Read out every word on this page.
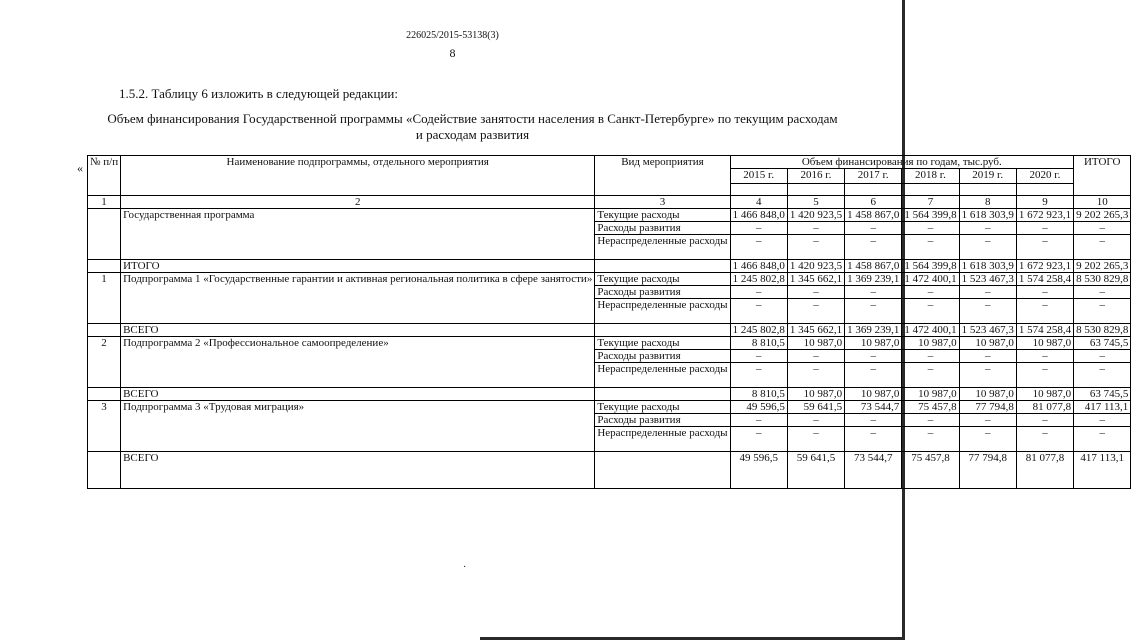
226025/2015-53138(3)
8
1.5.2. Таблицу 6 изложить в следующей редакции:
Объем финансирования Государственной программы «Содействие занятости населения в Санкт-Петербурге» по текущим расходам
и расходам развития
«
·
№ п/п	Наименование подпрограммы, отдельного мероприятия	Вид мероприятия	Объем финансирования по годам, тыс.руб.						ИТОГО
			2015 г.	2016 г.	2017 г.	2018 г.	2019 г.	2020 г.	

1	2	3	4	5	6	7	8	9	10
	Государственная программа	Текущие расходы	1 466 848,0	1 420 923,5	1 458 867,0	1 564 399,8	1 618 303,9	1 672 923,1	9 202 265,3
		Расходы развития	–	–	–	–	–	–	–
		Нераспределенные расходы	–	–	–	–	–	–	–
	ИТОГО		1 466 848,0	1 420 923,5	1 458 867,0	1 564 399,8	1 618 303,9	1 672 923,1	9 202 265,3
1	Подпрограмма 1 «Государственные гарантии и активная региональная политика в сфере занятости»	Текущие расходы	1 245 802,8	1 345 662,1	1 369 239,1	1 472 400,1	1 523 467,3	1 574 258,4	8 530 829,8
		Расходы развития	–	–	–	–	–	–	–
		Нераспределенные расходы	–	–	–	–	–	–	–
	ВСЕГО		1 245 802,8	1 345 662,1	1 369 239,1	1 472 400,1	1 523 467,3	1 574 258,4	8 530 829,8
2	Подпрограмма 2 «Профессиональное самоопределение»	Текущие расходы	8 810,5	10 987,0	10 987,0	10 987,0	10 987,0	10 987,0	63 745,5
		Расходы развития	–	–	–	–	–	–	–
		Нераспределенные расходы	–	–	–	–	–	–	–
	ВСЕГО		8 810,5	10 987,0	10 987,0	10 987,0	10 987,0	10 987,0	63 745,5
3	Подпрограмма 3 «Трудовая миграция»	Текущие расходы	49 596,5	59 641,5	73 544,7	75 457,8	77 794,8	81 077,8	417 113,1
		Расходы развития	–	–	–	–	–	–	–
		Нераспределенные расходы	–	–	–	–	–	–	–
	ВСЕГО		49 596,5	59 641,5	73 544,7	75 457,8	77 794,8	81 077,8	417 113,1
